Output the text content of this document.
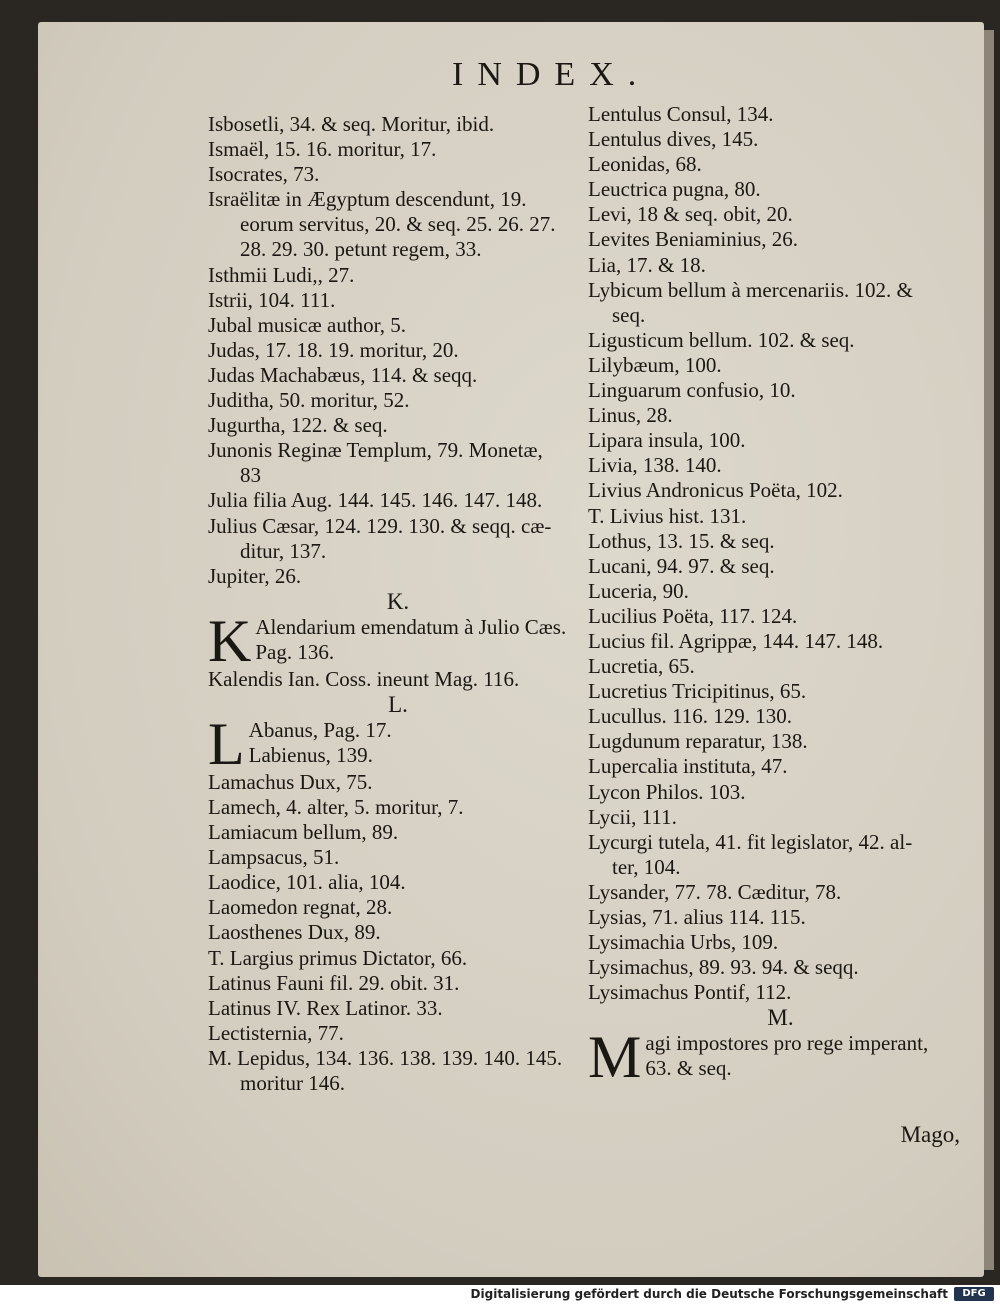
INDEX.
Isbosetli, 34. & seq. Moritur, ibid.
Ismaël, 15. 16. moritur, 17.
Isocrates, 73.
Israëlitæ in Ægyptum descendunt, 19.
eorum servitus, 20. & seq. 25. 26. 27.
28. 29. 30. petunt regem, 33.
Isthmii Ludi,, 27.
Istrii, 104. 111.
Jubal musicæ author, 5.
Judas, 17. 18. 19. moritur, 20.
Judas Machabæus, 114. & seqq.
Juditha, 50. moritur, 52.
Jugurtha, 122. & seq.
Junonis Reginæ Templum, 79. Monetæ,
83
Julia filia Aug. 144. 145. 146. 147. 148.
Julius Cæsar, 124. 129. 130. & seqq. cæ-
ditur, 137.
Jupiter, 26.
K.
K Alendarium emendatum à Julio Cæs.
Pag. 136.
Kalendis Ian. Coss. ineunt Mag. 116.
L.
L Abanus, Pag. 17.
Labienus, 139.
Lamachus Dux, 75.
Lamech, 4. alter, 5. moritur, 7.
Lamiacum bellum, 89.
Lampsacus, 51.
Laodice, 101. alia, 104.
Laomedon regnat, 28.
Laosthenes Dux, 89.
T. Largius primus Dictator, 66.
Latinus Fauni fil. 29. obit. 31.
Latinus IV. Rex Latinor. 33.
Lectisternia, 77.
M. Lepidus, 134. 136. 138. 139. 140. 145.
moritur 146.
Lentulus Consul, 134.
Lentulus dives, 145.
Leonidas, 68.
Leuctrica pugna, 80.
Levi, 18 & seq. obit, 20.
Levites Beniaminius, 26.
Lia, 17. & 18.
Lybicum bellum à mercenariis. 102. &
seq.
Ligusticum bellum. 102. & seq.
Lilybæum, 100.
Linguarum confusio, 10.
Linus, 28.
Lipara insula, 100.
Livia, 138. 140.
Livius Andronicus Poëta, 102.
T. Livius hist. 131.
Lothus, 13. 15. & seq.
Lucani, 94. 97. & seq.
Luceria, 90.
Lucilius Poëta, 117. 124.
Lucius fil. Agrippæ, 144. 147. 148.
Lucretia, 65.
Lucretius Tricipitinus, 65.
Lucullus. 116. 129. 130.
Lugdunum reparatur, 138.
Lupercalia instituta, 47.
Lycon Philos. 103.
Lycii, 111.
Lycurgi tutela, 41. fit legislator, 42. al-
ter, 104.
Lysander, 77. 78. Cæditur, 78.
Lysias, 71. alius 114. 115.
Lysimachia Urbs, 109.
Lysimachus, 89. 93. 94. & seqq.
Lysimachus Pontif, 112.
M.
M agi impostores pro rege imperant,
63. & seq.
Mago,
Digitalisierung gefördert durch die Deutsche Forschungsgemeinschaft	DFG
